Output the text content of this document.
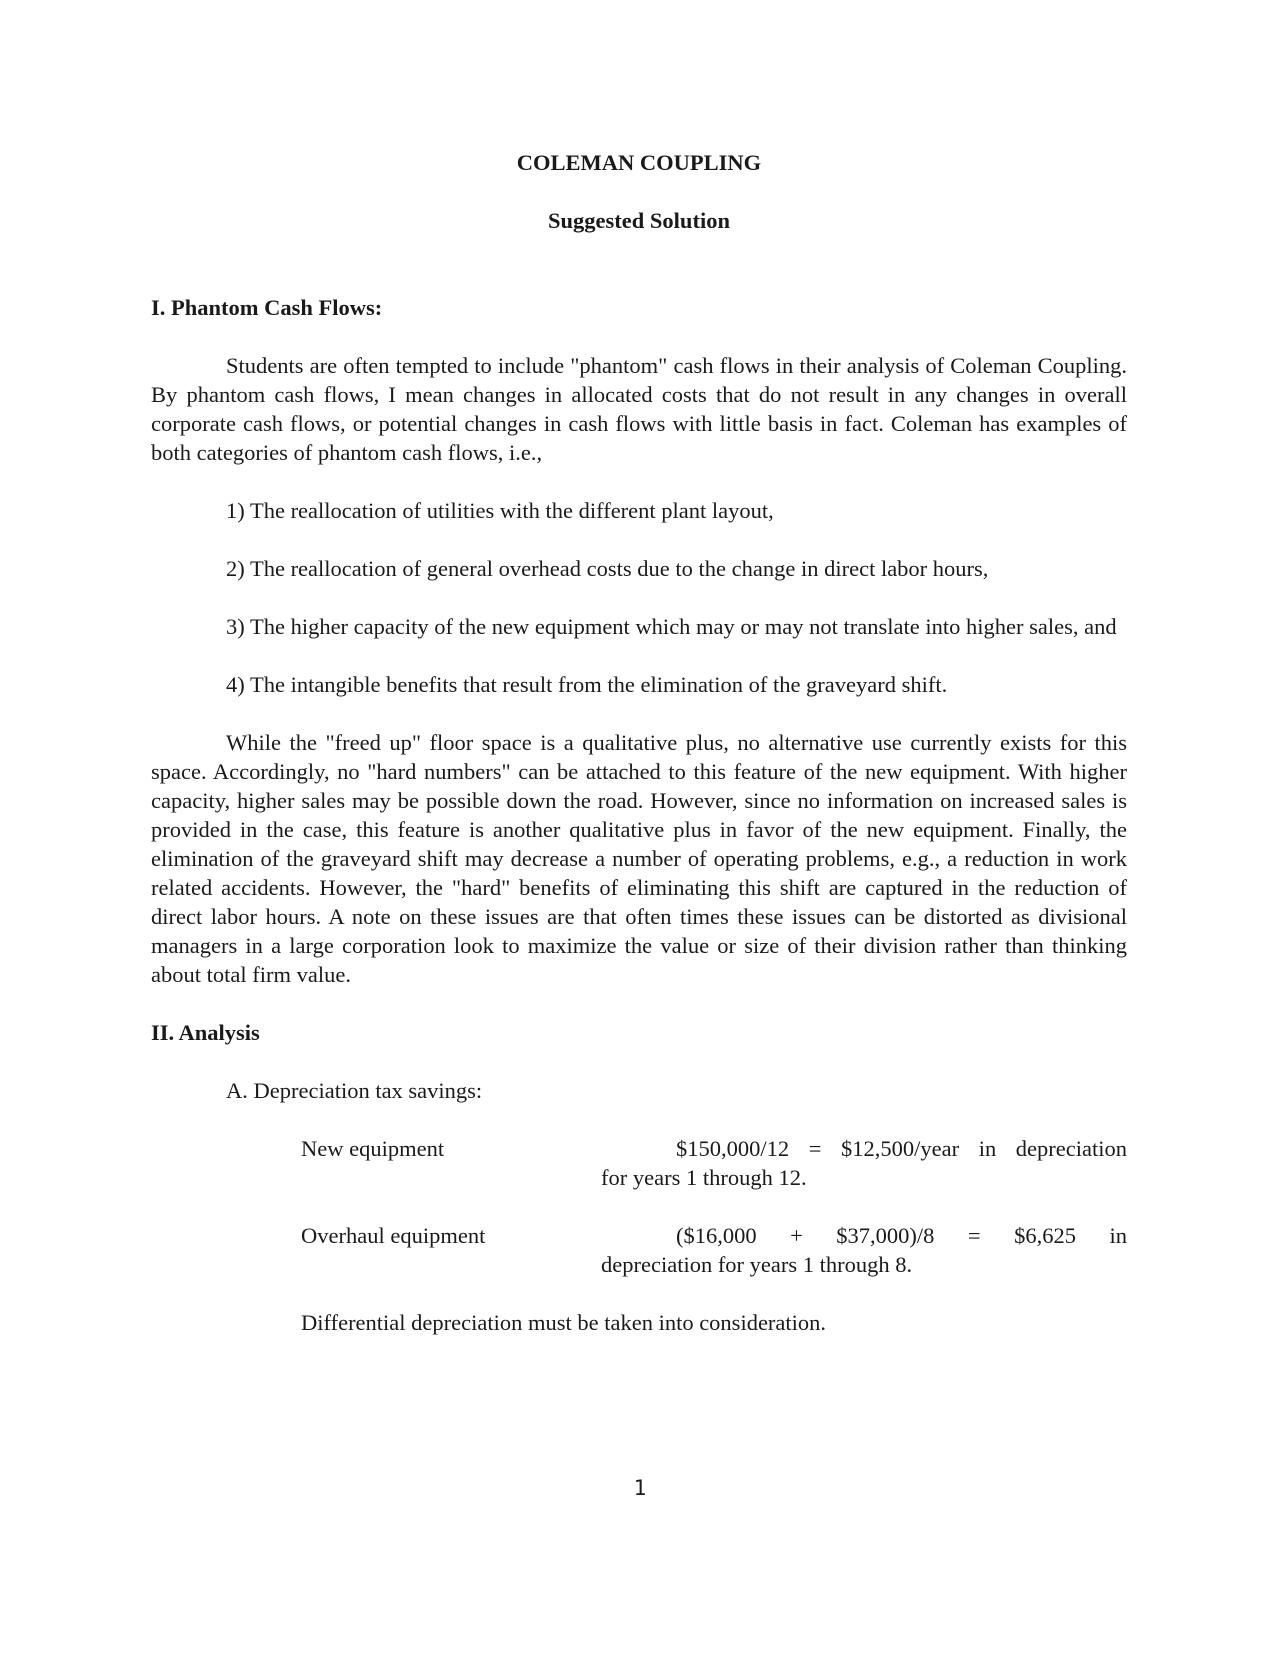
COLEMAN COUPLING

Suggested Solution

I. Phantom Cash Flows:

Students are often tempted to include "phantom" cash flows in their analysis of Coleman Coupling. By phantom cash flows, I mean changes in allocated costs that do not result in any changes in overall corporate cash flows, or potential changes in cash flows with little basis in fact. Coleman has examples of both categories of phantom cash flows, i.e.,

1) The reallocation of utilities with the different plant layout,

2) The reallocation of general overhead costs due to the change in direct labor hours,

3) The higher capacity of the new equipment which may or may not translate into higher sales, and

4) The intangible benefits that result from the elimination of the graveyard shift.

While the "freed up" floor space is a qualitative plus, no alternative use currently exists for this space. Accordingly, no "hard numbers" can be attached to this feature of the new equipment. With higher capacity, higher sales may be possible down the road. However, since no information on increased sales is provided in the case, this feature is another qualitative plus in favor of the new equipment. Finally, the elimination of the graveyard shift may decrease a number of operating problems, e.g., a reduction in work related accidents. However, the "hard" benefits of eliminating this shift are captured in the reduction of direct labor hours. A note on these issues are that often times these issues can be distorted as divisional managers in a large corporation look to maximize the value or size of their division rather than thinking about total firm value.

II. Analysis

A. Depreciation tax savings:

New equipment	$150,000/12 = $12,500/year in depreciation
for years 1 through 12.
Overhaul equipment	($16,000 + $37,000)/8 = $6,625 in
depreciation for years 1 through 8.

Differential depreciation must be taken into consideration.

1
